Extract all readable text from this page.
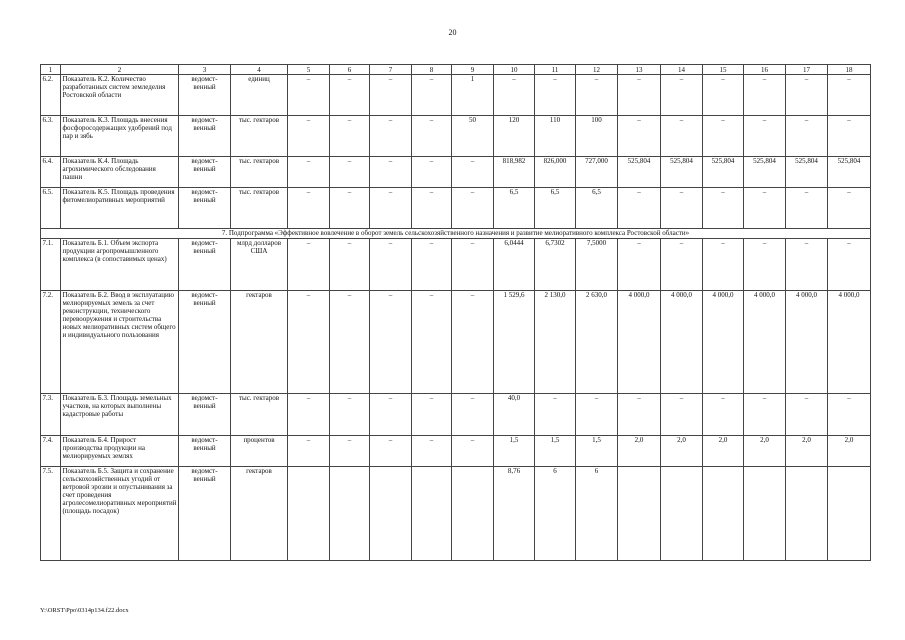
20
1	2	3	4	5	6	7	8	9	10	11	12	13	14	15	16	17	18
6.2.	Показатель К.2. Количество разработанных систем земледелия Ростовской области	ведомст-венный	единиц	–	–	–	–	1	–	–	–	–	–	–	–	–	–
6.3.	Показатель К.3. Площадь внесения фосфоросодержащих удобрений под пар и зябь	ведомст-венный	тыс. гектаров	–	–	–	–	50	120	110	100	–	–	–	–	–	–
6.4.	Показатель К.4. Площадь агрохимического обследования пашни	ведомст-венный	тыс. гектаров	–	–	–	–	–	818,982	826,000	727,000	525,804	525,804	525,804	525,804	525,804	525,804
6.5.	Показатель К.5. Площадь проведения фитомелиоративных мероприятий	ведомст-венный	тыс. гектаров	–	–	–	–	–	6,5	6,5	6,5	–	–	–	–	–	–
7. Подпрограмма «Эффективное вовлечение в оборот земель сельскохозяйственного назначения и развитие мелиоративного комплекса Ростовской области»																	
7.1.	Показатель Б.1. Объем экспорта продукции агропромышленного комплекса (в сопоставимых ценах)	ведомст-венный	млрд долларов США	–	–	–	–	–	6,0444	6,7302	7,5000	–	–	–	–	–	–
7.2.	Показатель Б.2. Ввод в эксплуатацию мелиорируемых земель за счет реконструкции, технического перевооружения и строительства новых мелиоративных систем общего и индивидуального пользования	ведомст-венный	гектаров	–	–	–	–	–	1 529,6	2 130,0	2 630,0	4 000,0	4 000,0	4 000,0	4 000,0	4 000,0	4 000,0
7.3.	Показатель Б.3. Площадь земельных участков, на которых выполнены кадастровые работы	ведомст-венный	тыс. гектаров	–	–	–	–	–	40,0	–	–	–	–	–	–	–	–
7.4.	Показатель Б.4. Прирост производства продукции на мелиорируемых землях	ведомст-венный	процентов	–	–	–	–	–	1,5	1,5	1,5	2,0	2,0	2,0	2,0	2,0	2,0
7.5.	Показатель Б.5. Защита и сохранение сельскохозяйственных угодий от ветровой эрозии и опустынивания за счет проведения агролесомелиоративных мероприятий (площадь посадок)	ведомст-венный	гектаров						8,76	6	6						
Y:\ORST\Ppo\0314p134.f22.docx
